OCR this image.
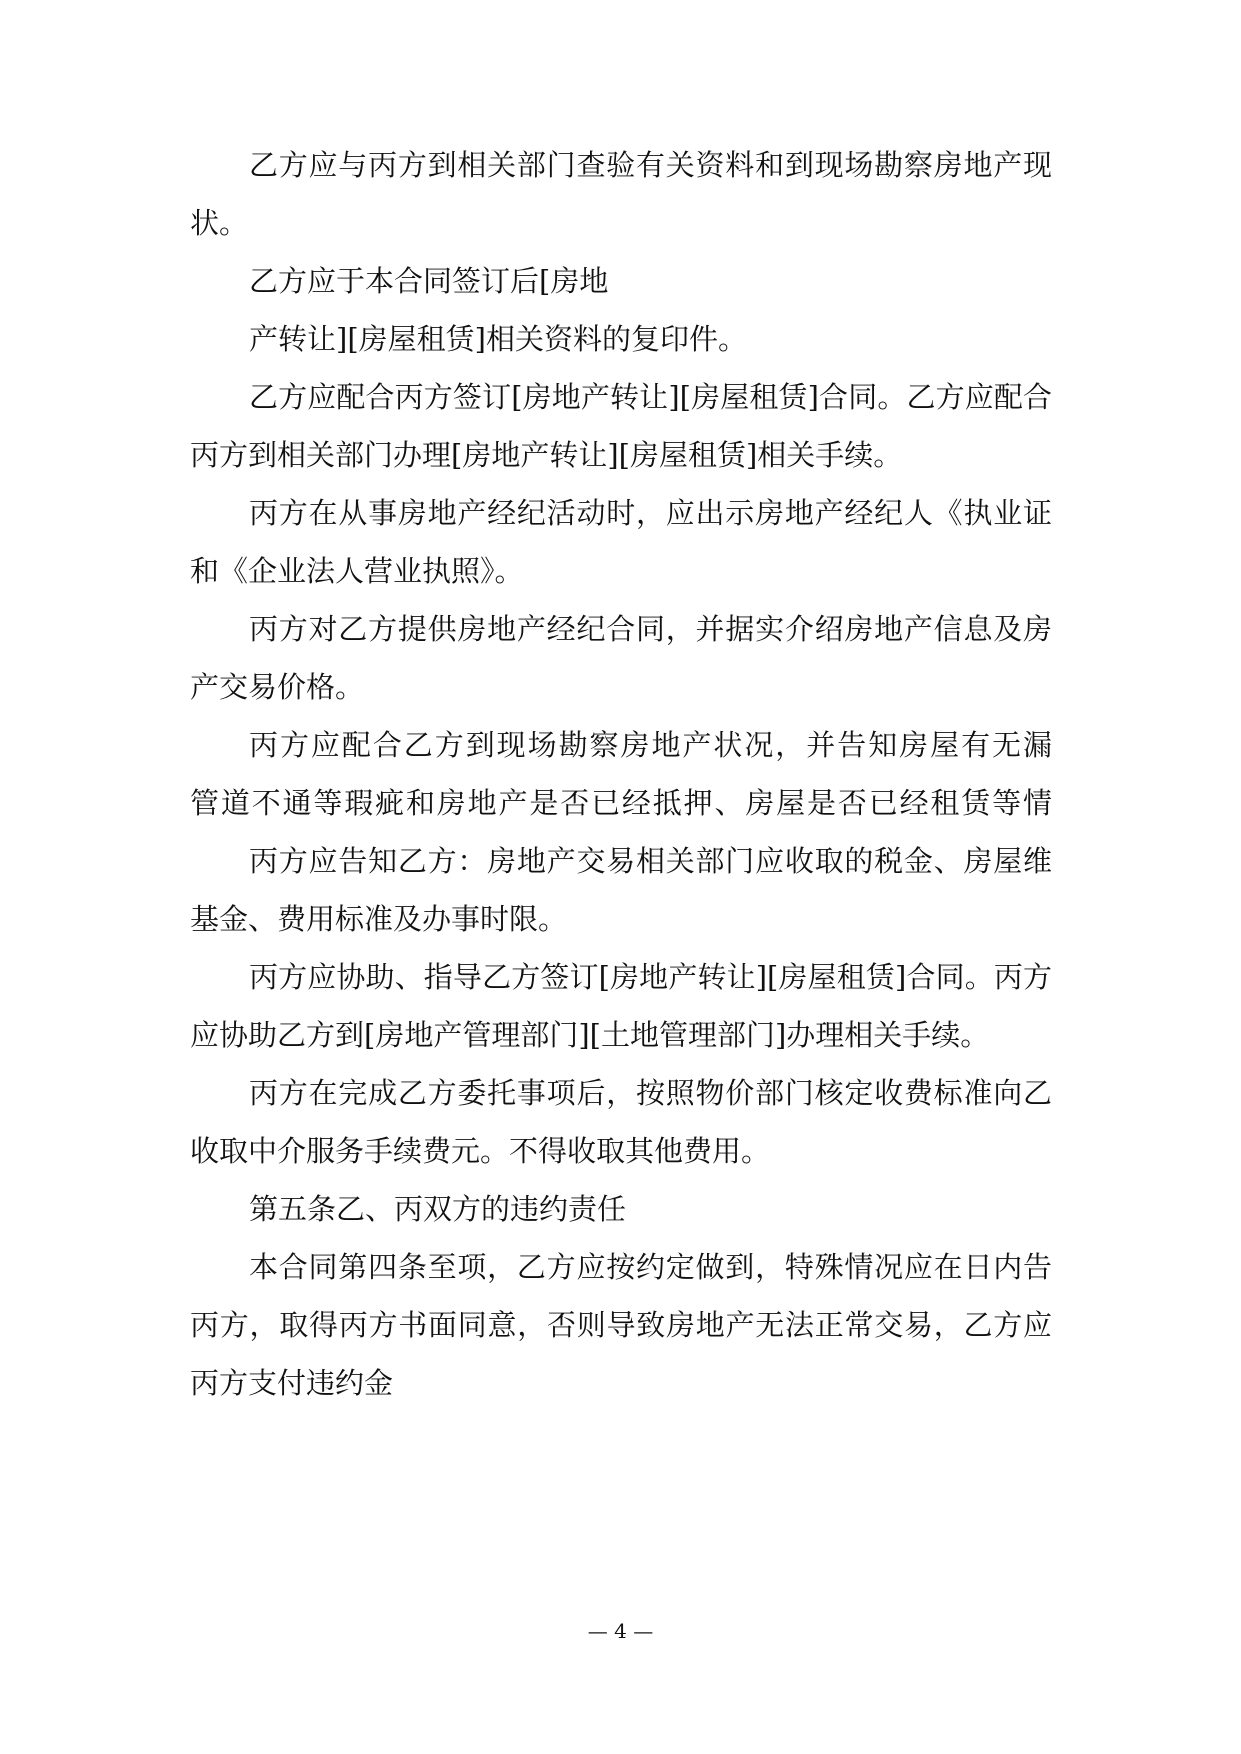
乙方应与丙方到相关部门查验有关资料和到现场勘察房地产现
状。
乙方应于本合同签订后[房地
产转让][房屋租赁]相关资料的复印件。
乙方应配合丙方签订[房地产转让][房屋租赁]合同。乙方应配合
丙方到相关部门办理[房地产转让][房屋租赁]相关手续。
丙方在从事房地产经纪活动时，应出示房地产经纪人《执业证
和《企业法人营业执照》。
丙方对乙方提供房地产经纪合同，并据实介绍房地产信息及房
产交易价格。
丙方应配合乙方到现场勘察房地产状况，并告知房屋有无漏
管道不通等瑕疵和房地产是否已经抵押、房屋是否已经租赁等情
丙方应告知乙方：房地产交易相关部门应收取的税金、房屋维
基金、费用标准及办事时限。
丙方应协助、指导乙方签订[房地产转让][房屋租赁]合同。丙方
应协助乙方到[房地产管理部门][土地管理部门]办理相关手续。
丙方在完成乙方委托事项后，按照物价部门核定收费标准向乙
收取中介服务手续费元。不得收取其他费用。
第五条乙、丙双方的违约责任
本合同第四条至项，乙方应按约定做到，特殊情况应在日内告
丙方，取得丙方书面同意，否则导致房地产无法正常交易，乙方应
丙方支付违约金
— 4 —
